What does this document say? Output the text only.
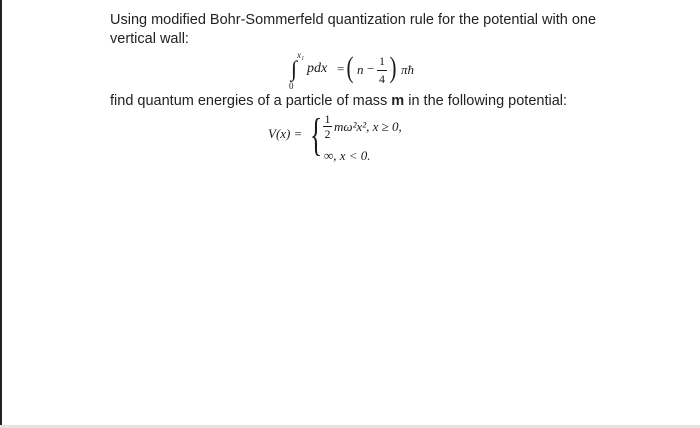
Using modified Bohr-Sommerfeld quantization rule for the potential with one
vertical wall:
∫
x₁
0
pdx = ( n − 1
4 ) πħ
find quantum energies of a particle of mass m in the following potential:
V(x) = { 1
2 mω²x², x ≥ 0,
∞, x < 0.
